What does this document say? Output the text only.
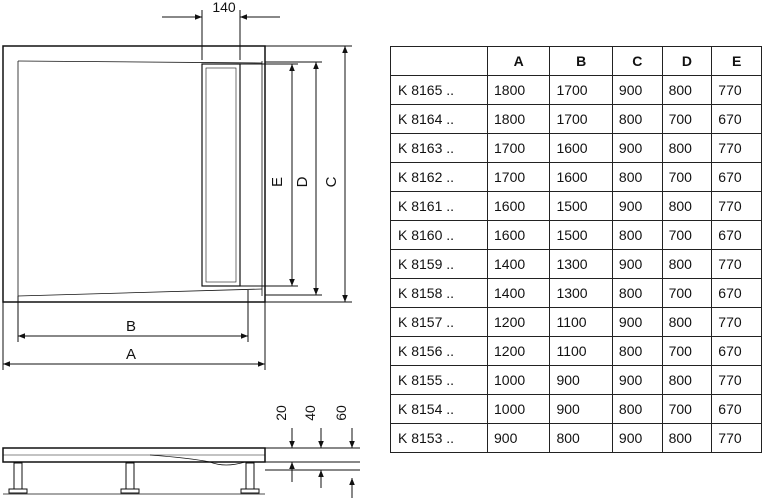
140
E D C
B
A
20 40 60
	A	B	C	D	E
K 8165 ..	1800	1700	900	800	770
K 8164 ..	1800	1700	800	700	670
K 8163 ..	1700	1600	900	800	770
K 8162 ..	1700	1600	800	700	670
K 8161 ..	1600	1500	900	800	770
K 8160 ..	1600	1500	800	700	670
K 8159 ..	1400	1300	900	800	770
K 8158 ..	1400	1300	800	700	670
K 8157 ..	1200	1100	900	800	770
K 8156 ..	1200	1100	800	700	670
K 8155 ..	1000	900	900	800	770
K 8154 ..	1000	900	800	700	670
K 8153 ..	900	800	900	800	770
